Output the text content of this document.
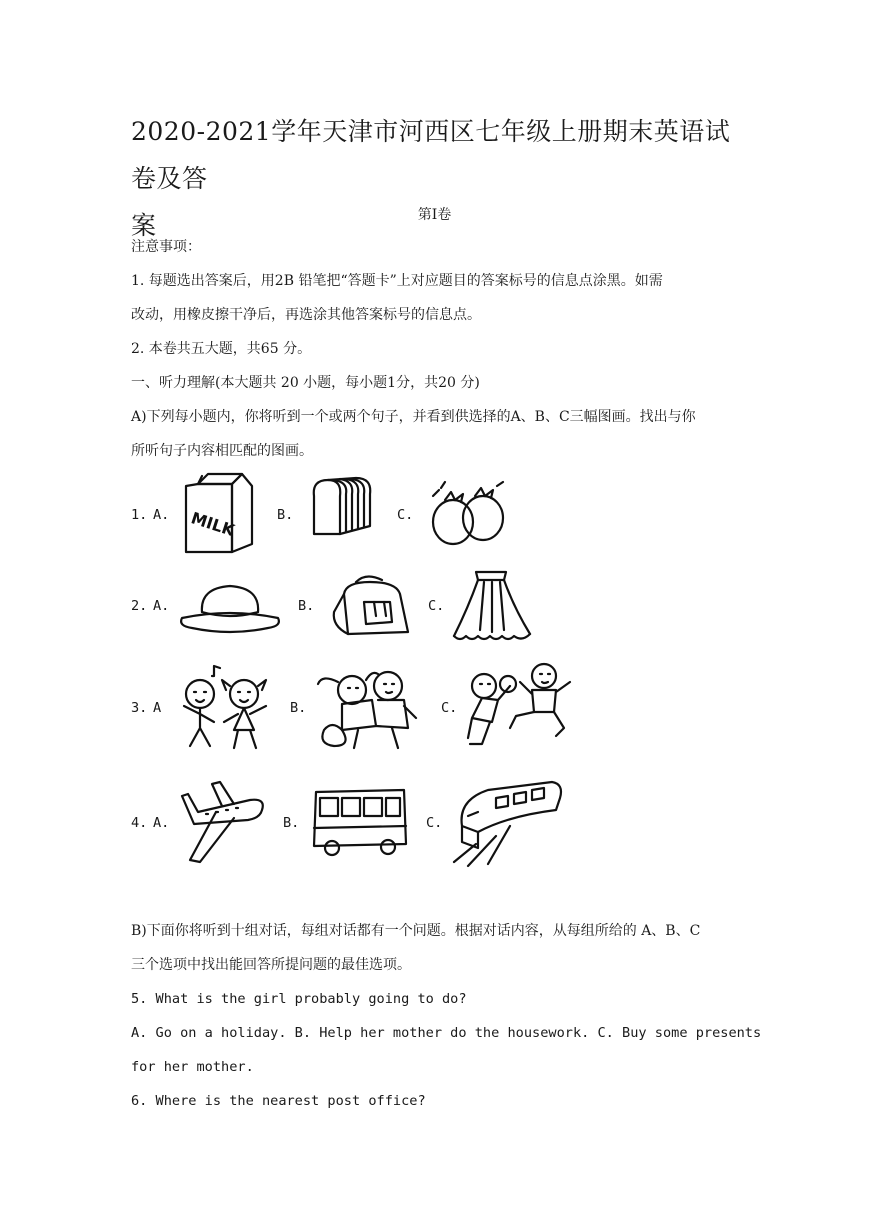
2020-2021学年天津市河西区七年级上册期末英语试卷及答
案	第I卷
注意事项：
1. 每题选出答案后，用2B 铅笔把“答题卡”上对应题目的答案标号的信息点涂黑。如需
改动，用橡皮擦干净后，再选涂其他答案标号的信息点。
2. 本卷共五大题，共65 分。
一、听力理解(本大题共 20 小题，每小题1分，共20 分)
A)下列每小题内，你将听到一个或两个句子，并看到供选择的A、B、C三幅图画。找出与你
所听句子内容相匹配的图画。
1. A. MILK	B.	C.
2. A.	B.	C.
3. A	B.	C.
4. A.	B.	C.
B)下面你将听到十组对话，每组对话都有一个问题。根据对话内容，从每组所给的 A、B、C
三个选项中找出能回答所提问题的最佳选项。
5. What is the girl probably going to do?
A. Go on a holiday. B. Help her mother do the housework. C. Buy some presents
for her mother.
6. Where is the nearest post office?
